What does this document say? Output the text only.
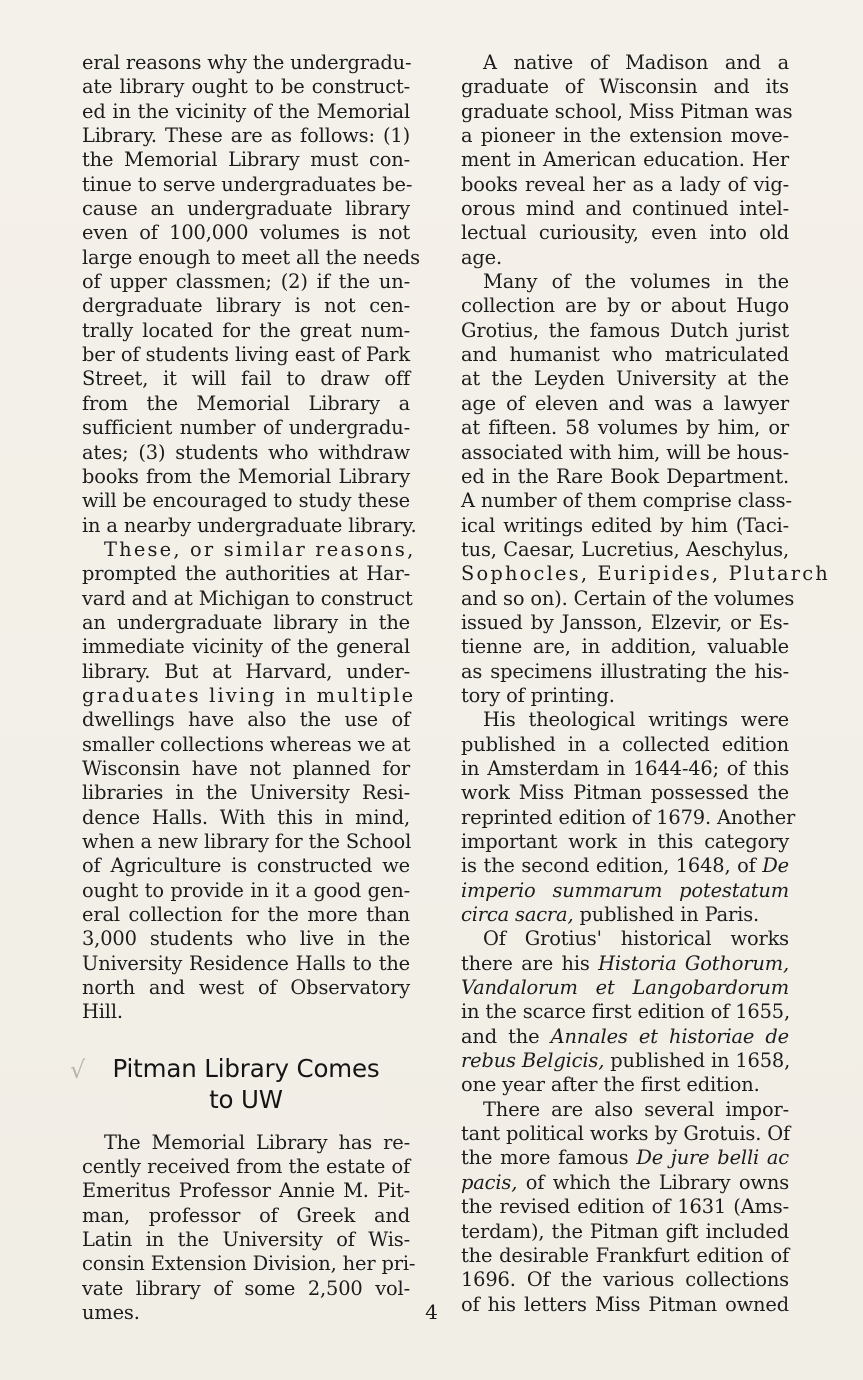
eral reasons why the undergradu-
ate library ought to be construct-
ed in the vicinity of the Memorial
Library. These are as follows: (1)
the Memorial Library must con-
tinue to serve undergraduates be-
cause an undergraduate library
even of 100,000 volumes is not
large enough to meet all the needs
of upper classmen; (2) if the un-
dergraduate library is not cen-
trally located for the great num-
ber of students living east of Park
Street, it will fail to draw off
from the Memorial Library a
sufficient number of undergradu-
ates; (3) students who withdraw
books from the Memorial Library
will be encouraged to study these
in a nearby undergraduate library.
These, or similar reasons,
prompted the authorities at Har-
vard and at Michigan to construct
an undergraduate library in the
immediate vicinity of the general
library. But at Harvard, under-
graduates living in multiple
dwellings have also the use of
smaller collections whereas we at
Wisconsin have not planned for
libraries in the University Resi-
dence Halls. With this in mind,
when a new library for the School
of Agriculture is constructed we
ought to provide in it a good gen-
eral collection for the more than
3,000 students who live in the
University Residence Halls to the
north and west of Observatory
Hill.
√	Pitman Library Comes
to UW
The Memorial Library has re-
cently received from the estate of
Emeritus Professor Annie M. Pit-
man, professor of Greek and
Latin in the University of Wis-
consin Extension Division, her pri-
vate library of some 2,500 vol-
umes.
A native of Madison and a
graduate of Wisconsin and its
graduate school, Miss Pitman was
a pioneer in the extension move-
ment in American education. Her
books reveal her as a lady of vig-
orous mind and continued intel-
lectual curiousity, even into old
age.
Many of the volumes in the
collection are by or about Hugo
Grotius, the famous Dutch jurist
and humanist who matriculated
at the Leyden University at the
age of eleven and was a lawyer
at fifteen. 58 volumes by him, or
associated with him, will be hous-
ed in the Rare Book Department.
A number of them comprise class-
ical writings edited by him (Taci-
tus, Caesar, Lucretius, Aeschylus,
Sophocles, Euripides, Plutarch
and so on). Certain of the volumes
issued by Jansson, Elzevir, or Es-
tienne are, in addition, valuable
as specimens illustrating the his-
tory of printing.
His theological writings were
published in a collected edition
in Amsterdam in 1644-46; of this
work Miss Pitman possessed the
reprinted edition of 1679. Another
important work in this category
is the second edition, 1648, of De
imperio summarum potestatum
circa sacra, published in Paris.
Of Grotius' historical works
there are his Historia Gothorum,
Vandalorum et Langobardorum
in the scarce first edition of 1655,
and the Annales et historiae de
rebus Belgicis, published in 1658,
one year after the first edition.
There are also several impor-
tant political works by Grotuis. Of
the more famous De jure belli ac
pacis, of which the Library owns
the revised edition of 1631 (Ams-
terdam), the Pitman gift included
the desirable Frankfurt edition of
1696. Of the various collections
of his letters Miss Pitman owned
4
